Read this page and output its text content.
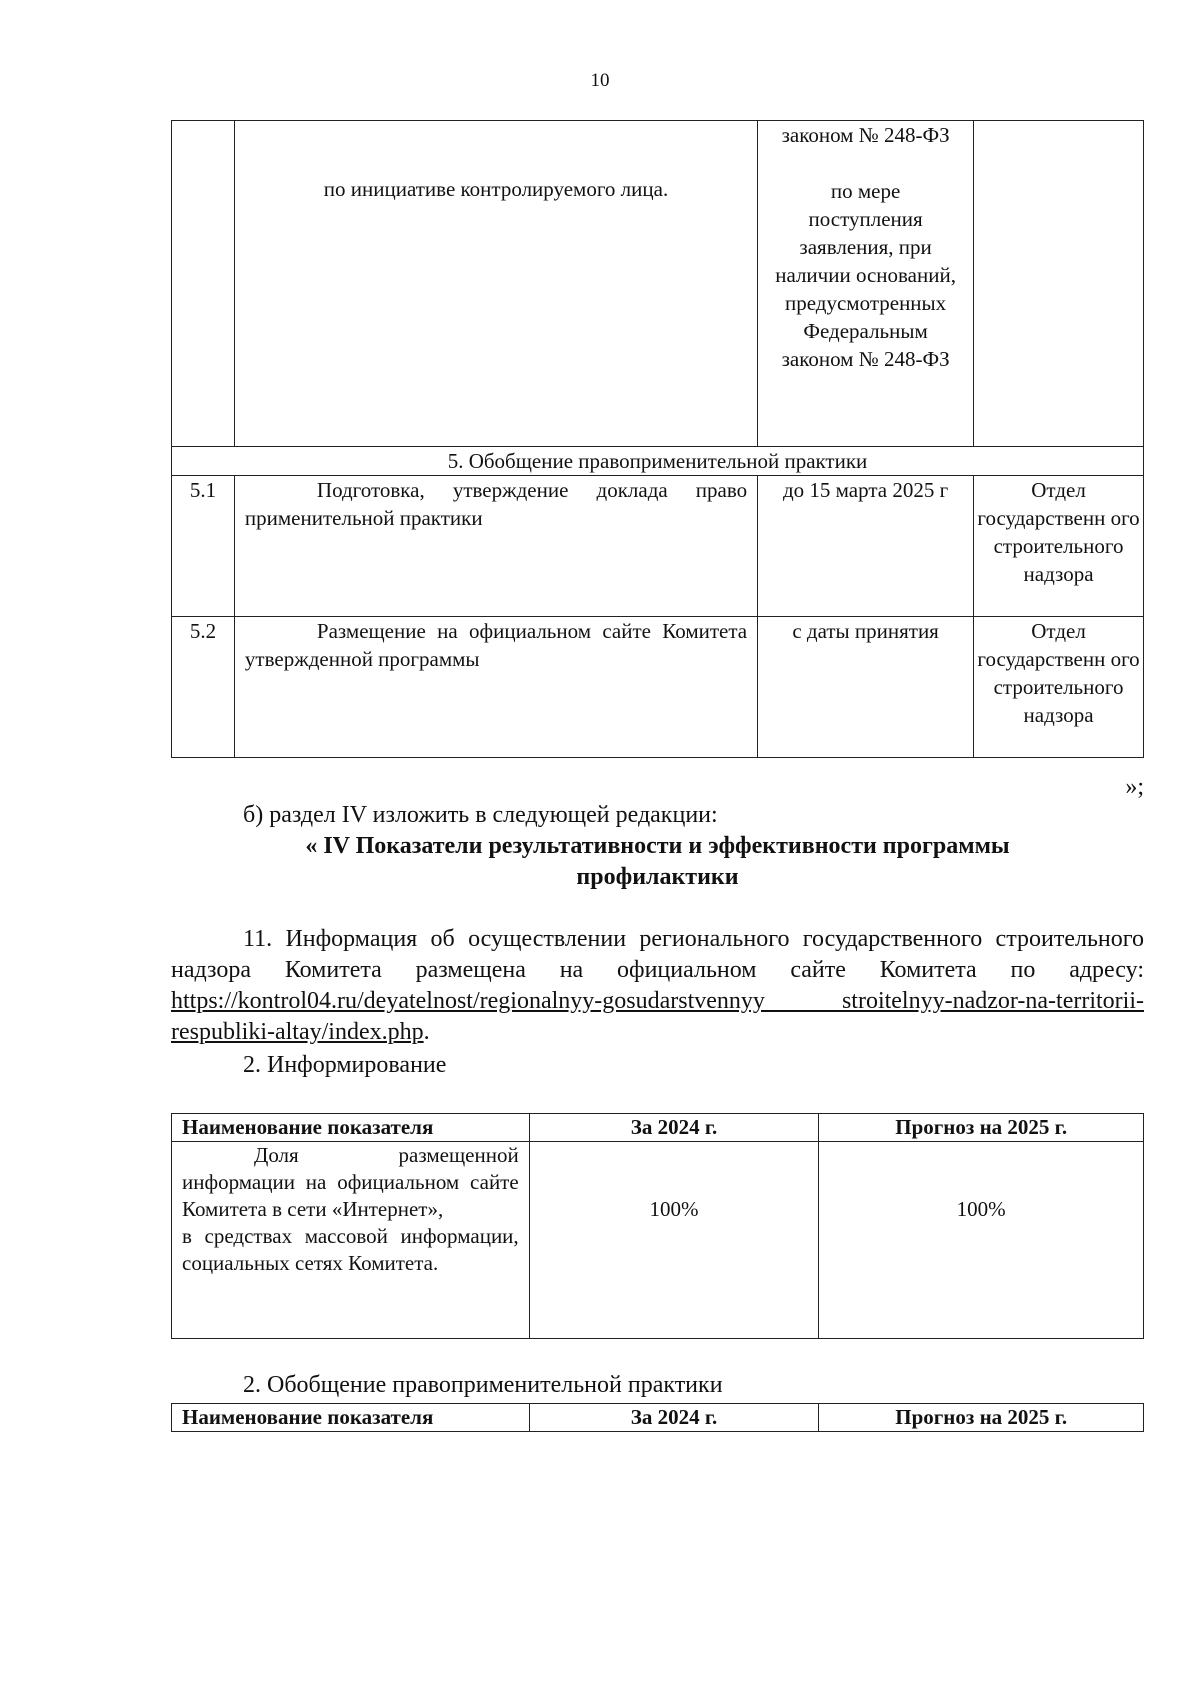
10
	по инициативе контролируемого лица.	законом № 248-ФЗ
по мере поступления заявления, при наличии оснований, предусмотренных Федеральным законом № 248-ФЗ	

5. Обобщение правоприменительной практики			
5.1	Подготовка, утверждение доклада право применительной практики	до 15 марта 2025 г	Отдел государственн ого строительного надзора
5.2	Размещение на официальном сайте Комитета утвержденной программы	с даты принятия	Отдел государственн ого строительного надзора
»;
б) раздел IV изложить в следующей редакции:
« IV Показатели результативности и эффективности программы
профилактики
11. Информация об осуществлении регионального государственного строительного надзора Комитета размещена на официальном сайте Комитета по адресу: https://kontrol04.ru/deyatelnost/regionalnyy-gosudarstvennyy stroitelnyy-nadzor-na-territorii-respubliki-altay/index.php.
2. Информирование
Наименование показателя	За 2024 г.	Прогноз на 2025 г.

Доля размещенной информации на официальном сайте Комитета в сети «Интернет»,
в средствах массовой информации, социальных сетях Комитета.	100%	100%
2. Обобщение правоприменительной практики
Наименование показателя	За 2024 г.	Прогноз на 2025 г.
